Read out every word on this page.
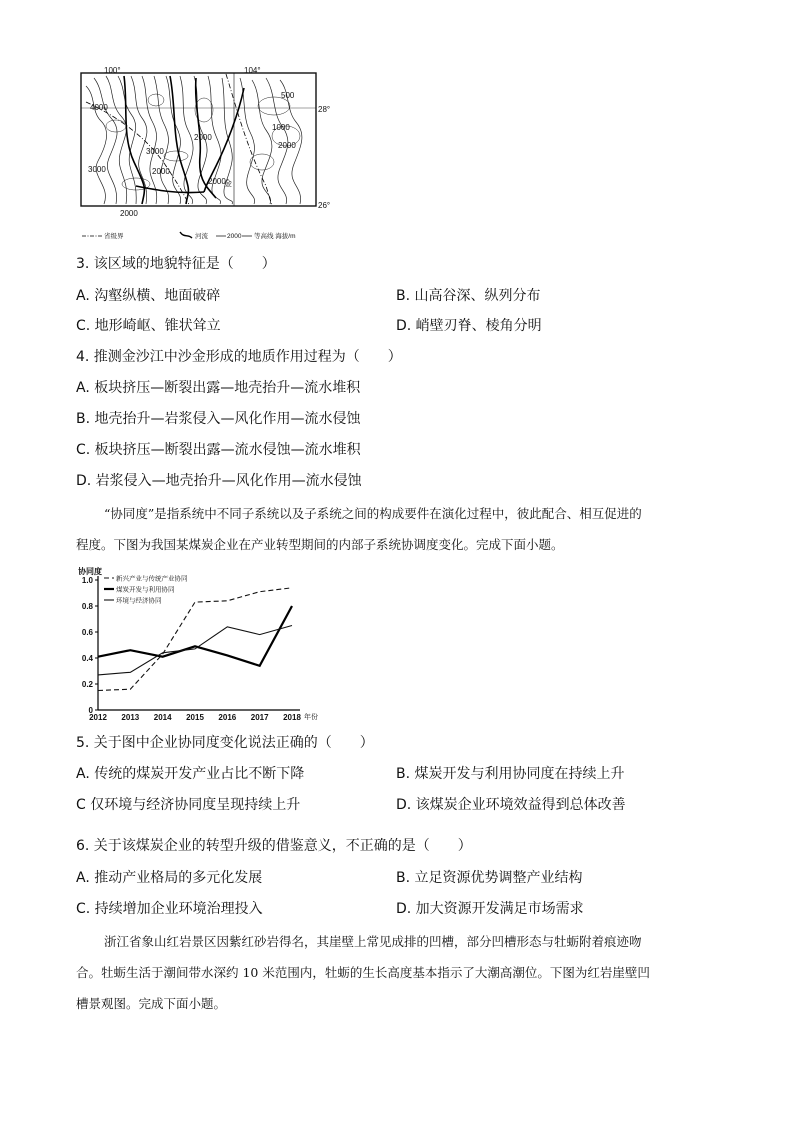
100°	104°
28°
26°
4000
3000	2000
2000
2000
2000
3000
500
1000
2000
金
省级界	河流	2000 等高线 海拔/m
3. 该区域的地貌特征是（　　）
A. 沟壑纵横、地面破碎	B. 山高谷深、纵列分布
C. 地形崎岖、锥状耸立	D. 峭壁刃脊、棱角分明
4. 推测金沙江中沙金形成的地质作用过程为（　　）
A. 板块挤压—断裂出露—地壳抬升—流水堆积
B. 地壳抬升—岩浆侵入—风化作用—流水侵蚀
C. 板块挤压—断裂出露—流水侵蚀—流水堆积
D. 岩浆侵入—地壳抬升—风化作用—流水侵蚀
“协同度”是指系统中不同子系统以及子系统之间的构成要件在演化过程中，彼此配合、相互促进的
程度。下图为我国某煤炭企业在产业转型期间的内部子系统协调度变化。完成下面小题。
0
0.2
0.4
0.6
0.8
1.0
2012 2013 2014 2015 2016 2017 2018
新兴产业与传统产业协同
煤炭开发与利用协同
环境与经济协同
协同度
年份
5. 关于图中企业协同度变化说法正确的（　　）
A. 传统的煤炭开发产业占比不断下降	B. 煤炭开发与利用协同度在持续上升
C 仅环境与经济协同度呈现持续上升	D. 该煤炭企业环境效益得到总体改善
6. 关于该煤炭企业的转型升级的借鉴意义，不正确的是（　　）
A. 推动产业格局的多元化发展	B. 立足资源优势调整产业结构
C. 持续增加企业环境治理投入	D. 加大资源开发满足市场需求
浙江省象山红岩景区因紫红砂岩得名，其崖壁上常见成排的凹槽，部分凹槽形态与牡蛎附着痕迹吻
合。牡蛎生活于潮间带水深约 10 米范围内，牡蛎的生长高度基本指示了大潮高潮位。下图为红岩崖壁凹
槽景观图。完成下面小题。
